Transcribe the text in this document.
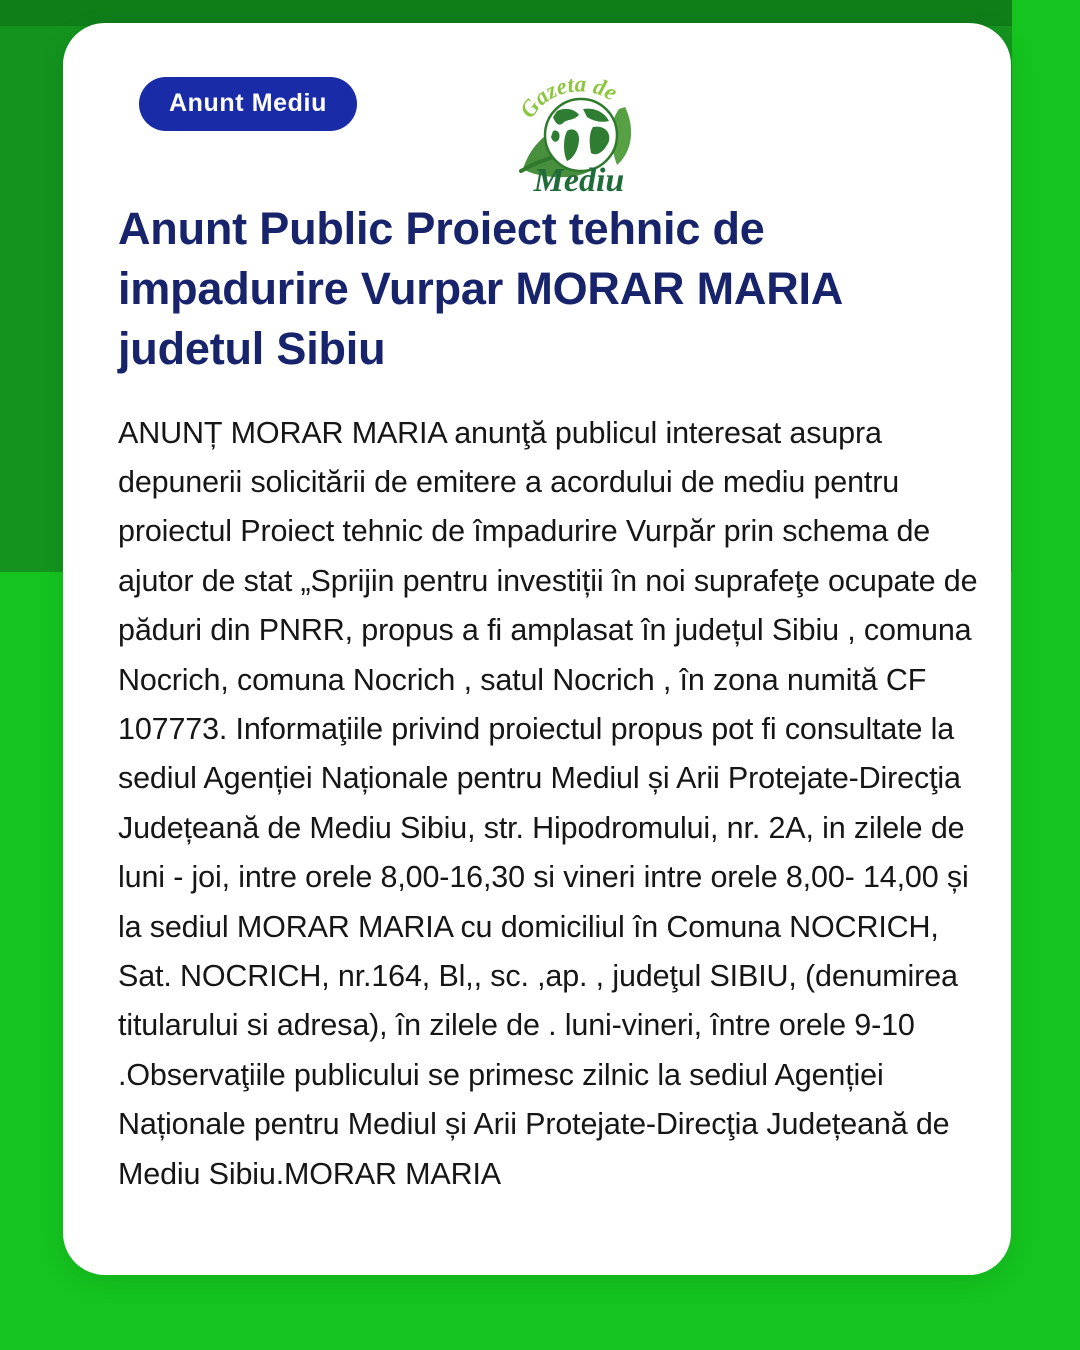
Anunt Mediu	Gazeta de
Mediu
Anunt Public Proiect tehnic de impadurire Vurpar MORAR MARIA judetul Sibiu

ANUNȚ MORAR MARIA anunţă publicul interesat asupra depunerii solicitării de emitere a acordului de mediu pentru proiectul Proiect tehnic de împadurire Vurpăr prin schema de ajutor de stat „Sprijin pentru investiții în noi suprafeţe ocupate de păduri din PNRR, propus a fi amplasat în județul Sibiu , comuna Nocrich, comuna Nocrich , satul Nocrich , în zona numită CF 107773. Informaţiile privind proiectul propus pot fi consultate la sediul Agenției Naționale pentru Mediul și Arii Protejate-Direcţia Județeană de Mediu Sibiu, str. Hipodromului, nr. 2A, in zilele de luni - joi, intre orele 8,00-16,30 si vineri intre orele 8,00- 14,00 și la sediul MORAR MARIA cu domiciliul în Comuna NOCRICH, Sat. NOCRICH, nr.164, Bl,, sc. ,ap. , judeţul SIBIU, (denumirea titularului si adresa), în zilele de . luni-vineri, între orele 9-10 .Observaţiile publicului se primesc zilnic la sediul Agenției Naționale pentru Mediul și Arii Protejate-Direcţia Județeană de Mediu Sibiu.MORAR MARIA
